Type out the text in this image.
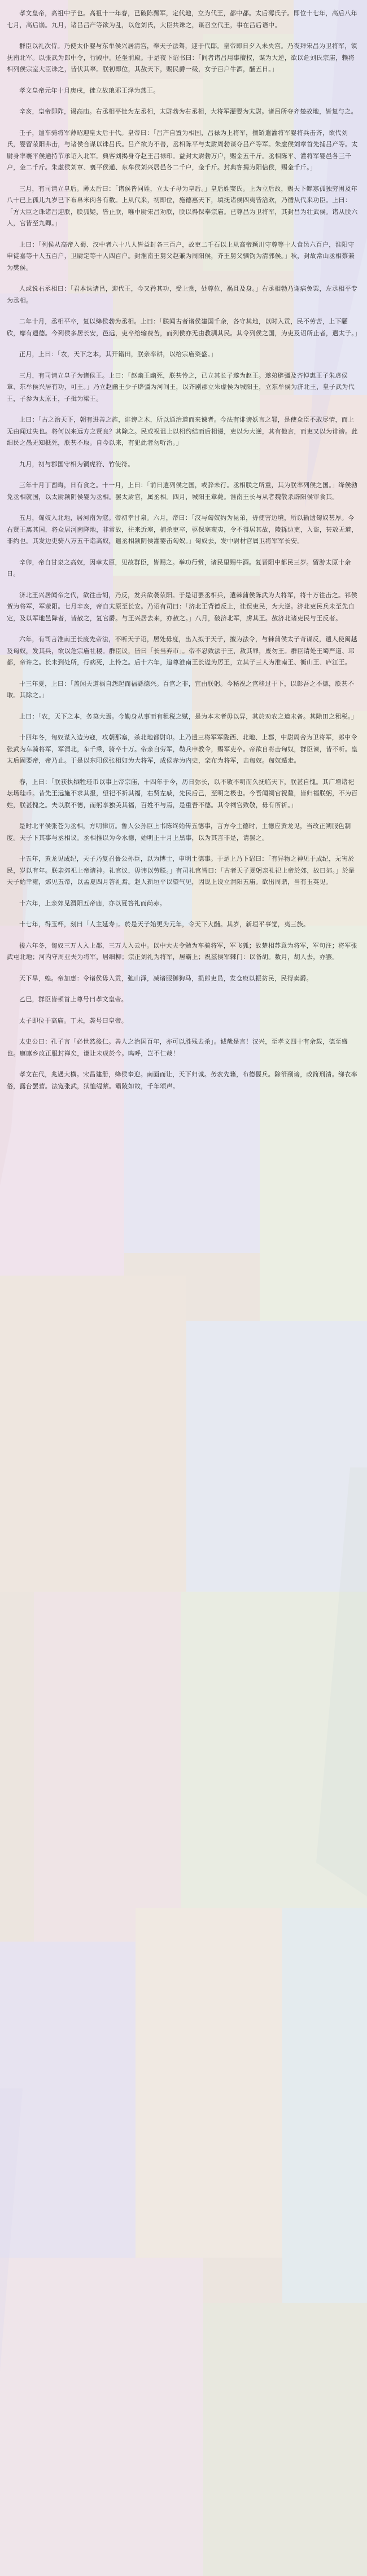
孝文皇帝，高祖中子也。高祖十一年春，已破陈豨军，定代地，立为代王，都中都。太后薄氏子。即位十七年，高后八年七月，高后崩。九月，诸吕吕产等欲为乱，以危刘氏，大臣共诛之，谋召立代王，事在吕后语中。

群臣以礼次侍。乃使太仆婴与东牟侯兴居清宫，奉天子法驾，迎于代邸。皇帝即日夕入未央宫。乃夜拜宋昌为卫将军，镇抚南北军。以张武为郎中令，行殿中。还坐前殿。于是夜下诏书曰：「间者诸吕用事擅权，谋为大逆，欲以危刘氏宗庙，赖将相列侯宗室大臣诛之，皆伏其辜。朕初即位，其赦天下，赐民爵一级，女子百户牛酒，酺五日。」

孝文皇帝元年十月庚戌，徙立故琅邪王泽为燕王。

辛亥，皇帝即阼，谒高庙。右丞相平徙为左丞相，太尉勃为右丞相，大将军灌婴为太尉。诸吕所夺齐楚故地，皆复与之。

壬子，遣车骑将军薄昭迎皇太后于代。皇帝曰：「吕产自置为相国，吕禄为上将军，擅矫遣灌将军婴将兵击齐，欲代刘氏，婴留荥阳弗击，与诸侯合谋以诛吕氏。吕产欲为不善，丞相陈平与太尉周勃谋夺吕产等军。朱虚侯刘章首先捕吕产等。太尉身率襄平侯通持节承诏入北军。典客刘揭身夺赵王吕禄印。益封太尉勃万户，赐金五千斤。丞相陈平、灌将军婴邑各三千户，金二千斤。朱虚侯刘章、襄平侯通、东牟侯刘兴居邑各二千户，金千斤。封典客揭为阳信侯，赐金千斤。」

三月，有司请立皇后。薄太后曰：「诸侯皆同姓，立太子母为皇后。」皇后姓窦氏。上为立后故，赐天下鳏寡孤独穷困及年八十已上孤儿九岁已下布帛米肉各有数。上从代来，初即位，施德惠天下，填抚诸侯四夷皆洽欢，乃循从代来功臣。上曰：「方大臣之诛诸吕迎朕，朕狐疑，皆止朕，唯中尉宋昌劝朕，朕以得保奉宗庙。已尊昌为卫将军，其封昌为壮武侯。诸从朕六人，官皆至九卿。」

上曰：「列侯从高帝入蜀、汉中者六十八人皆益封各三百户，故吏二千石以上从高帝颍川守尊等十人食邑六百户，淮阳守申徒嘉等十人五百户，卫尉定等十人四百户。封淮南王舅父赵兼为周阳侯，齐王舅父驷钧为清郭侯。」秋，封故常山丞相蔡兼为樊侯。

人或说右丞相曰：「君本诛诸吕，迎代王，今又矜其功，受上赏，处尊位，祸且及身。」右丞相勃乃谢病免罢，左丞相平专为丞相。

二年十月，丞相平卒，复以绛侯勃为丞相。上曰：「朕闻古者诸侯建国千余，各守其地，以时入贡，民不劳苦，上下驩欣，靡有遗德。今列侯多居长安，邑远，吏卒给输费苦，而列侯亦无由教驯其民。其令列侯之国，为吏及诏所止者，遣太子。」

正月，上曰：「农，天下之本，其开籍田，朕亲率耕，以给宗庙粢盛。」

三月，有司请立皇子为诸侯王。上曰：「赵幽王幽死，朕甚怜之，已立其长子遂为赵王。遂弟辟彊及齐悼惠王子朱虚侯章、东牟侯兴居有功，可王。」乃立赵幽王少子辟彊为河间王，以齐剧郡立朱虚侯为城阳王，立东牟侯为济北王，皇子武为代王，子参为太原王，子揖为梁王。

上曰：「古之治天下，朝有进善之旌，诽谤之木，所以通治道而来谏者。今法有诽谤妖言之罪，是使众臣不敢尽情，而上无由闻过失也。将何以来远方之贤良？其除之。民或祝诅上以相约结而后相谩，吏以为大逆，其有他言，而吏又以为诽谤。此细民之愚无知抵死，朕甚不取。自今以来，有犯此者勿听治。」

九月，初与郡国守相为铜虎符、竹使符。

三年十月丁酉晦，日有食之。十一月，上曰：「前日遣列侯之国，或辞未行。丞相朕之所重，其为朕率列侯之国。」绛侯勃免丞相就国，以太尉颍阴侯婴为丞相。罢太尉官，属丞相。四月，城阳王章薨。淮南王长与从者魏敬杀辟阳侯审食其。

五月，匈奴入北地，居河南为寇。帝初幸甘泉。六月，帝曰：「汉与匈奴约为昆弟，毋使害边境，所以输遗匈奴甚厚。今右贤王离其国，将众居河南降地，非常故，往来近塞，捕杀吏卒，驱保塞蛮夷，令不得居其故，陵轹边吏，入盗，甚敖无道，非约也。其发边吏骑八万五千诣高奴，遣丞相颍阴侯灌婴击匈奴。」匈奴去，发中尉材官属卫将军军长安。

辛卯，帝自甘泉之高奴，因幸太原，见故群臣，皆赐之。举功行赏，诸民里赐牛酒。复晋阳中都民三岁。留游太原十余日。

济北王兴居闻帝之代，欲往击胡，乃反，发兵欲袭荥阳。于是诏罢丞相兵，遣棘蒲侯陈武为大将军，将十万往击之。祁侯贺为将军，军荥阳。七月辛亥，帝自太原至长安。乃诏有司曰：「济北王背德反上，诖误吏民，为大逆。济北吏民兵未至先自定，及以军地邑降者，皆赦之，复官爵。与王兴居去来，亦赦之。」八月，破济北军，虏其王。赦济北诸吏民与王反者。

六年，有司言淮南王长废先帝法，不听天子诏，居处毋度，出入拟于天子，擅为法令，与棘蒲侯太子奇谋反，遣人使闽越及匈奴，发其兵，欲以危宗庙社稷。群臣议，皆曰「长当弃市」。帝不忍致法于王，赦其罪，废勿王。群臣请处王蜀严道、邛都，帝许之。长未到处所，行病死，上怜之。后十六年，追尊淮南王长谥为厉王，立其子三人为淮南王、衡山王、庐江王。

十三年夏，上曰：「盖闻天道祸自怨起而福繇德兴。百官之非，宜由朕躬。今秘祝之官移过于下，以彰吾之不德，朕甚不取。其除之。」

上曰：「农，天下之本，务莫大焉。今勤身从事而有租税之赋，是为本末者毋以异，其於劝农之道未备。其除田之租税。」

十四年冬，匈奴谋入边为寇，攻朝那塞，杀北地都尉卬。上乃遣三将军军陇西、北地、上郡，中尉周舍为卫将军，郎中令张武为车骑将军，军渭北，车千乘，骑卒十万。帝亲自劳军，勒兵申教令，赐军吏卒。帝欲自将击匈奴，群臣谏，皆不听。皇太后固要帝，帝乃止。于是以东阳侯张相如为大将军，成侯赤为内史，栾布为将军，击匈奴。匈奴遁走。

春，上曰：「朕获执牺牲珪币以事上帝宗庙，十四年于今，历日弥长，以不敏不明而久抚临天下，朕甚自愧。其广增诸祀坛场珪币。昔先王远施不求其报，望祀不祈其福，右贤左戚，先民后己，至明之极也。今吾闻祠官祝釐，皆归福朕躬，不为百姓，朕甚愧之。夫以朕不德，而躬享独美其福，百姓不与焉，是重吾不德。其令祠官致敬，毋有所祈。」

是时北平侯张苍为丞相，方明律历。鲁人公孙臣上书陈终始传五德事，言方今土德时，土德应黄龙见，当改正朔服色制度。天子下其事与丞相议。丞相推以为今水德，始明正十月上黑事，以为其言非是，请罢之。

十五年，黄龙见成纪，天子乃复召鲁公孙臣，以为博士，申明土德事。于是上乃下诏曰：「有异物之神见于成纪，无害於民，岁以有年。朕亲郊祀上帝诸神。礼官议，毋讳以劳朕。」有司礼官皆曰：「古者天子夏躬亲礼祀上帝於郊，故曰郊。」於是天子始幸雍，郊见五帝，以孟夏四月答礼焉。赵人新垣平以望气见，因说上设立渭阳五庙。欲出周鼎，当有玉英见。

十六年，上亲郊见渭阳五帝庙，亦以夏答礼而尚赤。

十七年，得玉杯，刻曰「人主延寿」。於是天子始更为元年，令天下大酺。其岁，新垣平事觉，夷三族。

後六年冬，匈奴三万人入上郡，三万人入云中。以中大夫令勉为车骑将军，军飞狐；故楚相苏意为将军，军句注；将军张武屯北地；河内守周亚夫为将军，居细柳；宗正刘礼为将军，居霸上；祝兹侯军棘门：以备胡。数月，胡人去，亦罢。

天下旱，蝗。帝加惠：令诸侯毋入贡，弛山泽，减诸服御狗马，损郎吏员，发仓庾以振贫民，民得卖爵。

乙巳，群臣皆顿首上尊号曰孝文皇帝。

太子即位于高庙。丁未，袭号曰皇帝。

太史公曰：孔子言「必世然後仁。善人之治国百年，亦可以胜残去杀」。诚哉是言！汉兴，至孝文四十有余载，德至盛也。廪廪乡改正服封禅矣，谦让未成於今。呜呼，岂不仁哉！

孝文在代，兆遇大横。宋昌建册，绛侯奉迎。南面而让，天下归诚。务农先籍，布德偃兵。除帑削谤，政简刑清。绨衣率俗，露台罢营。法宽张武，狱恤缇萦。霸陵如故，千年颂声。
